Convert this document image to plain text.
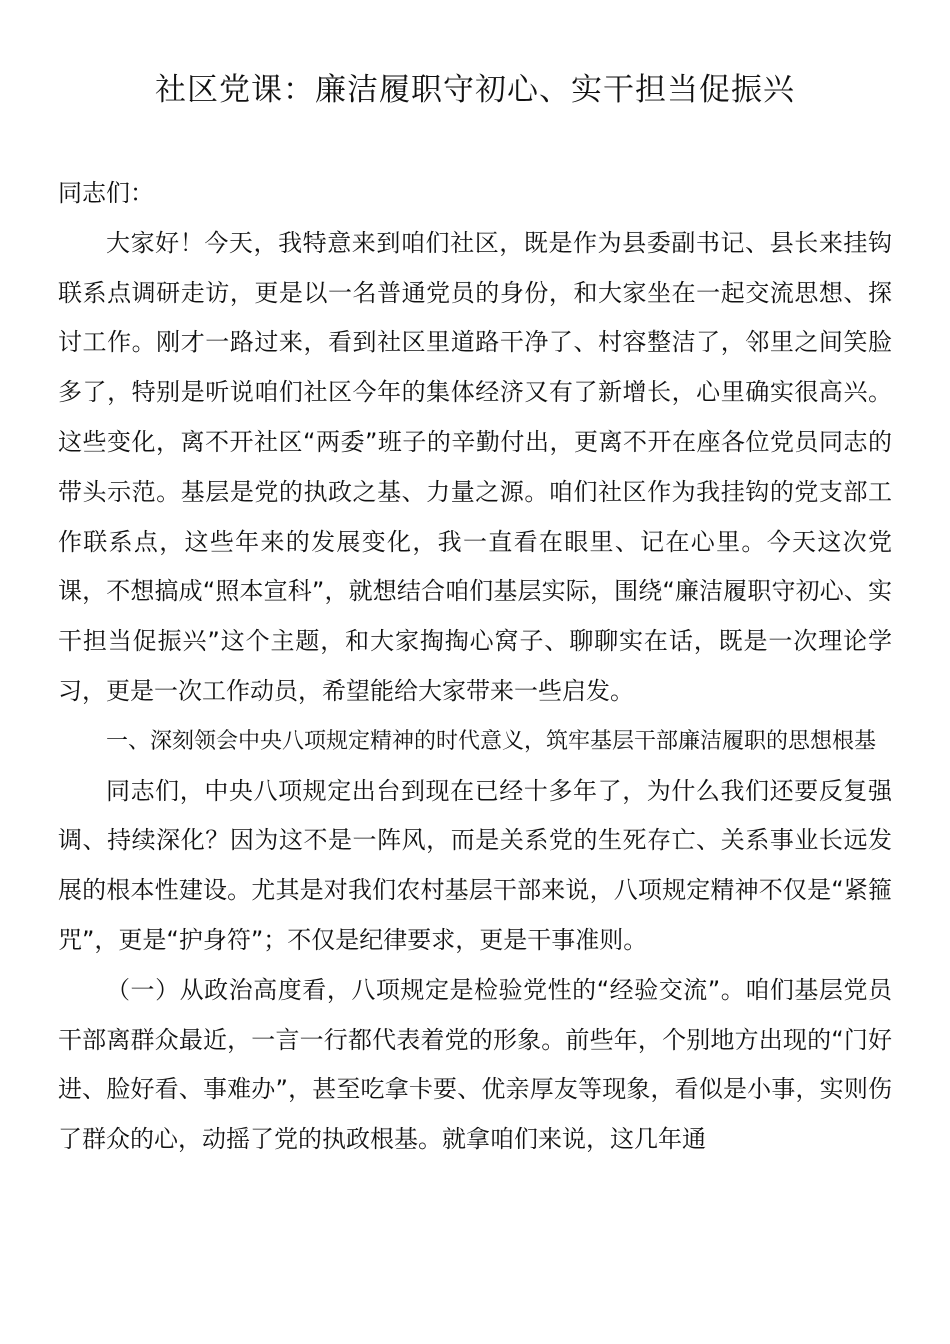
社区党课：廉洁履职守初心、实干担当促振兴

同志们：

大家好！今天，我特意来到咱们社区，既是作为县委副书记、县长来挂钩联系点调研走访，更是以一名普通党员的身份，和大家坐在一起交流思想、探讨工作。刚才一路过来，看到社区里道路干净了、村容整洁了，邻里之间笑脸多了，特别是听说咱们社区今年的集体经济又有了新增长，心里确实很高兴。这些变化，离不开社区“两委”班子的辛勤付出，更离不开在座各位党员同志的带头示范。基层是党的执政之基、力量之源。咱们社区作为我挂钩的党支部工作联系点，这些年来的发展变化，我一直看在眼里、记在心里。今天这次党课，不想搞成“照本宣科”，就想结合咱们基层实际，围绕“廉洁履职守初心、实干担当促振兴”这个主题，和大家掏掏心窝子、聊聊实在话，既是一次理论学习，更是一次工作动员，希望能给大家带来一些启发。

一、深刻领会中央八项规定精神的时代意义，筑牢基层干部廉洁履职的思想根基

同志们，中央八项规定出台到现在已经十多年了，为什么我们还要反复强调、持续深化？因为这不是一阵风，而是关系党的生死存亡、关系事业长远发展的根本性建设。尤其是对我们农村基层干部来说，八项规定精神不仅是“紧箍咒”，更是“护身符”；不仅是纪律要求，更是干事准则。

（一）从政治高度看，八项规定是检验党性的“经验交流”。咱们基层党员干部离群众最近，一言一行都代表着党的形象。前些年，个别地方出现的“门好进、脸好看、事难办”，甚至吃拿卡要、优亲厚友等现象，看似是小事，实则伤了群众的心，动摇了党的执政根基。就拿咱们来说，这几年通
